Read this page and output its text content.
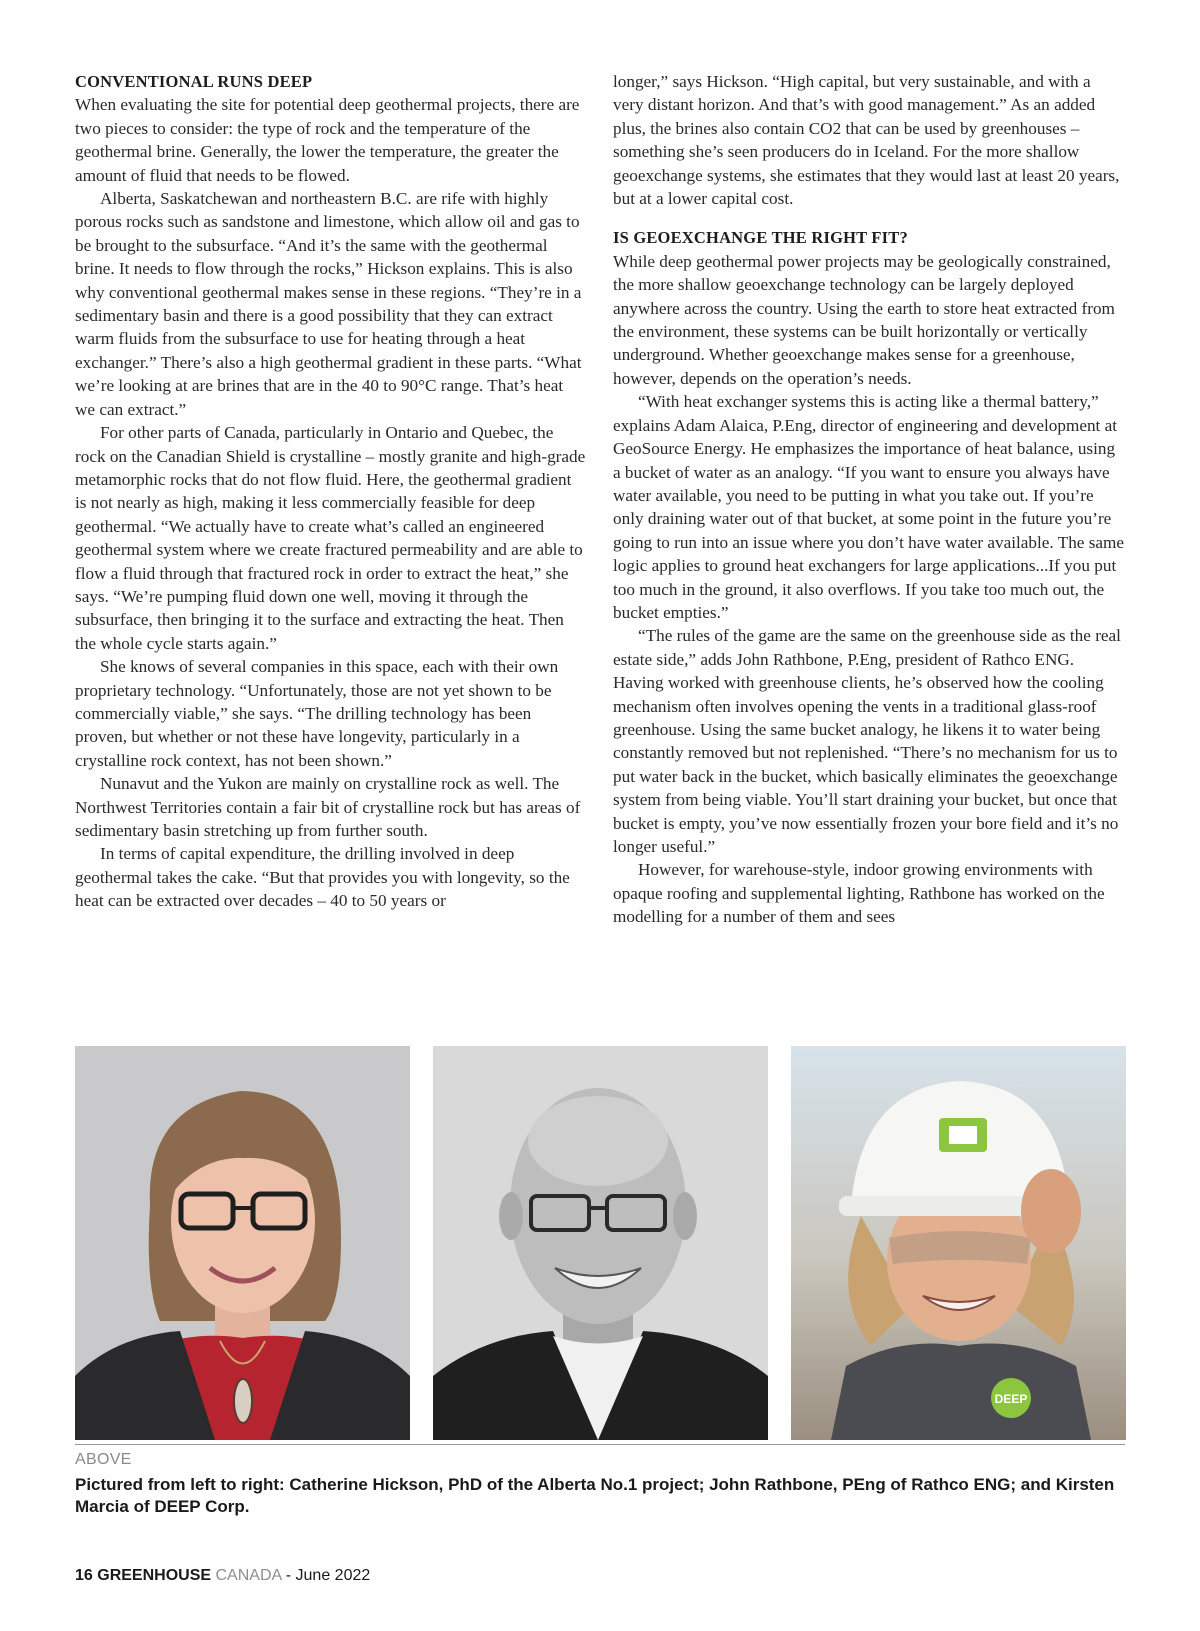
CONVENTIONAL RUNS DEEP

When evaluating the site for potential deep geothermal projects, there are two pieces to consider: the type of rock and the temperature of the geothermal brine. Generally, the lower the temperature, the greater the amount of fluid that needs to be flowed.

Alberta, Saskatchewan and northeastern B.C. are rife with highly porous rocks such as sandstone and limestone, which allow oil and gas to be brought to the subsurface. “And it’s the same with the geothermal brine. It needs to flow through the rocks,” Hickson explains. This is also why conventional geothermal makes sense in these regions. “They’re in a sedimentary basin and there is a good possibility that they can extract warm fluids from the subsurface to use for heating through a heat exchanger.” There’s also a high geothermal gradient in these parts. “What we’re looking at are brines that are in the 40 to 90°C range. That’s heat we can extract.”

For other parts of Canada, particularly in Ontario and Quebec, the rock on the Canadian Shield is crystalline – mostly granite and high-grade metamorphic rocks that do not flow fluid. Here, the geothermal gradient is not nearly as high, making it less commercially feasible for deep geothermal. “We actually have to create what’s called an engineered geothermal system where we create fractured permeability and are able to flow a fluid through that fractured rock in order to extract the heat,” she says. “We’re pumping fluid down one well, moving it through the subsurface, then bringing it to the surface and extracting the heat. Then the whole cycle starts again.”

She knows of several companies in this space, each with their own proprietary technology. “Unfortunately, those are not yet shown to be commercially viable,” she says. “The drilling technology has been proven, but whether or not these have longevity, particularly in a crystalline rock context, has not been shown.”

Nunavut and the Yukon are mainly on crystalline rock as well. The Northwest Territories contain a fair bit of crystalline rock but has areas of sedimentary basin stretching up from further south.

In terms of capital expenditure, the drilling involved in deep geothermal takes the cake. “But that provides you with longevity, so the heat can be extracted over decades – 40 to 50 years or

longer,” says Hickson. “High capital, but very sustainable, and with a very distant horizon. And that’s with good management.” As an added plus, the brines also contain CO2 that can be used by greenhouses – something she’s seen producers do in Iceland. For the more shallow geoexchange systems, she estimates that they would last at least 20 years, but at a lower capital cost.

IS GEOEXCHANGE THE RIGHT FIT?

While deep geothermal power projects may be geologically constrained, the more shallow geoexchange technology can be largely deployed anywhere across the country. Using the earth to store heat extracted from the environment, these systems can be built horizontally or vertically underground. Whether geoexchange makes sense for a greenhouse, however, depends on the operation’s needs.

“With heat exchanger systems this is acting like a thermal battery,” explains Adam Alaica, P.Eng, director of engineering and development at GeoSource Energy. He emphasizes the importance of heat balance, using a bucket of water as an analogy. “If you want to ensure you always have water available, you need to be putting in what you take out. If you’re only draining water out of that bucket, at some point in the future you’re going to run into an issue where you don’t have water available. The same logic applies to ground heat exchangers for large applications...If you put too much in the ground, it also overflows. If you take too much out, the bucket empties.”

“The rules of the game are the same on the greenhouse side as the real estate side,” adds John Rathbone, P.Eng, president of Rathco ENG. Having worked with greenhouse clients, he’s observed how the cooling mechanism often involves opening the vents in a traditional glass-roof greenhouse. Using the same bucket analogy, he likens it to water being constantly removed but not replenished. “There’s no mechanism for us to put water back in the bucket, which basically eliminates the geoexchange system from being viable. You’ll start draining your bucket, but once that bucket is empty, you’ve now essentially frozen your bore field and it’s no longer useful.”

However, for warehouse-style, indoor growing environments with opaque roofing and supplemental lighting, Rathbone has worked on the modelling for a number of them and sees

DEEP
ABOVE
Pictured from left to right: Catherine Hickson, PhD of the Alberta No.1 project; John Rathbone, PEng of Rathco ENG; and Kirsten Marcia of DEEP Corp.
16 GREENHOUSE CANADA - June 2022
